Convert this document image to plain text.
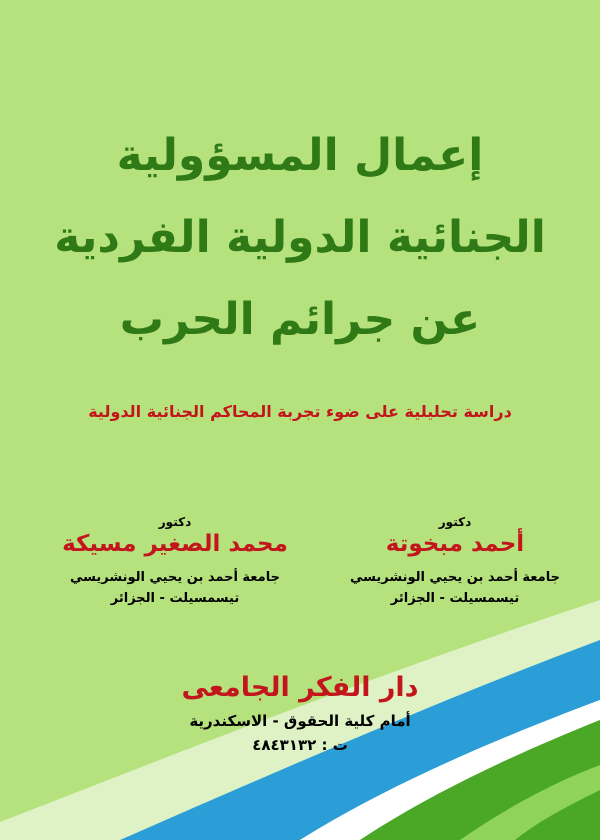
إعمال المسؤولية
الجنائية الدولية الفردية
عن جرائم الحرب
دراسة تحليلية على ضوء تجربة المحاكم الجنائية الدولية
دكتور
أحمد مبخوتة
جامعة أحمد بن يحيي الونشريسي
تيسمسيلت - الجزائر
دكتور
محمد الصغير مسيكة
جامعة أحمد بن يحيي الونشريسي
تيسمسيلت - الجزائر
دار الفكر الجامعى
أمام كلية الحقوق - الاسكندرية
ت : ٤٨٤٣١٣٢
